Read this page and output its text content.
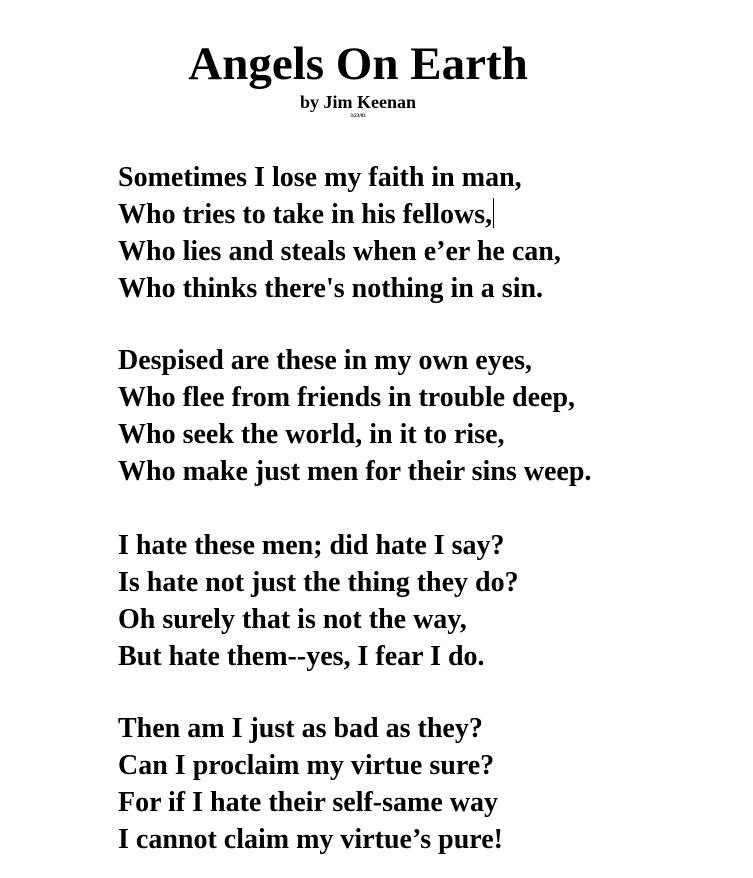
Angels On Earth
by Jim Keenan
3/23/03
Sometimes I lose my faith in man,
Who tries to take in his fellows,
Who lies and steals when e’er he can,
Who thinks there's nothing in a sin.
Despised are these in my own eyes,
Who flee from friends in trouble deep,
Who seek the world, in it to rise,
Who make just men for their sins weep.
I hate these men; did hate I say?
Is hate not just the thing they do?
Oh surely that is not the way,
But hate them--yes, I fear I do.
Then am I just as bad as they?
Can I proclaim my virtue sure?
For if I hate their self-same way
I cannot claim my virtue’s pure!
